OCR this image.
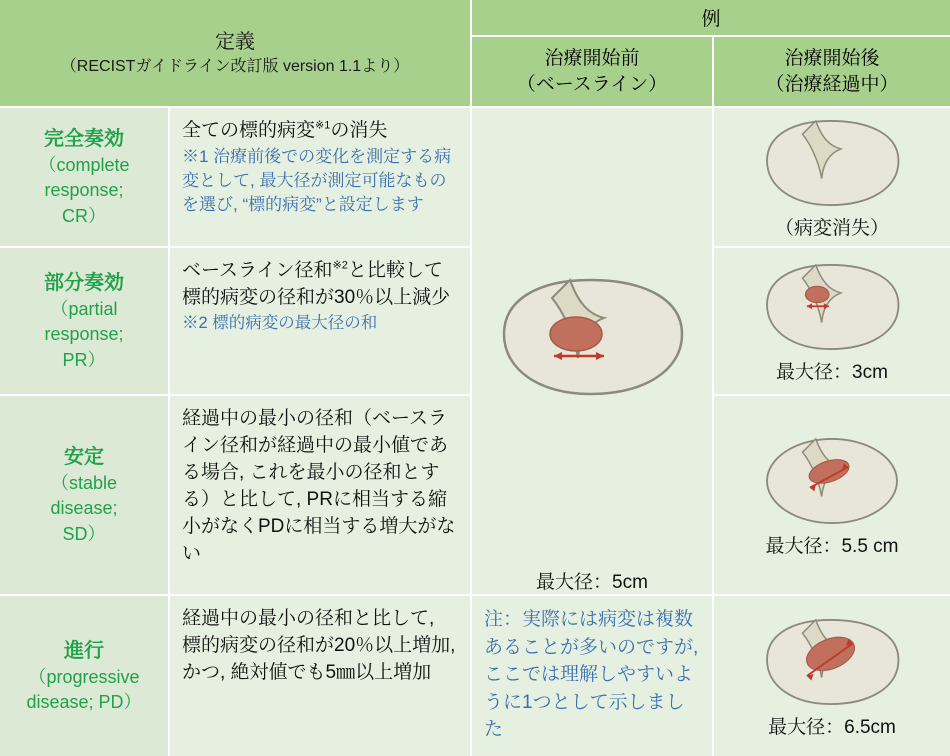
定義
（RECISTガイドライン改訂版 version 1.1より）
例
治療開始前
（ベースライン）
治療開始後
（治療経過中）
完全奏効
（complete
response;
CR）
全ての標的病変$^{※1}$の消失
※1 治療前後での変化を測定する病変として, 最大径が測定可能なものを選び, “標的病変”と設定します
最大径：5cm
（病変消失）
部分奏効
（partial
response;
PR）
ベースライン径和$^{※2}$と比較して標的病変の径和が30％以上減少
※2 標的病変の最大径の和
最大径：3cm
安定
（stable
disease;
SD）
経過中の最小の径和（ベースライン径和が経過中の最小値である場合, これを最小の径和とする）と比して, PRに相当する縮小がなくPDに相当する増大がない	最大径：5.5 cm
進行
（progressive
disease; PD）
経過中の最小の径和と比して, 標的病変の径和が20％以上増加, かつ, 絶対値でも5㎜以上増加
注：実際には病変は複数あることが多いのですが, ここでは理解しやすいように1つとして示しました	最大径：6.5cm
